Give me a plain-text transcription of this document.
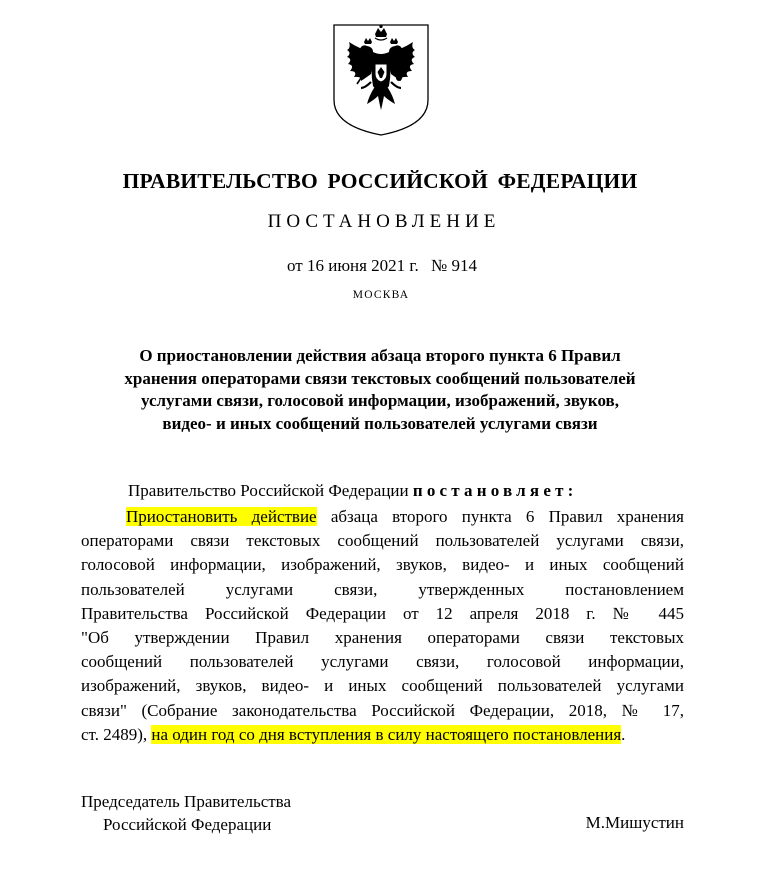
ПРАВИТЕЛЬСТВО РОССИЙСКОЙ ФЕДЕРАЦИИ
ПОСТАНОВЛЕНИЕ
от 16 июня 2021 г. № 914
МОСКВА
О приостановлении действия абзаца второго пункта 6 Правил
хранения операторами связи текстовых сообщений пользователей
услугами связи, голосовой информации, изображений, звуков,
видео- и иных сообщений пользователей услугами связи
Правительство Российской Федерации постановляет:
Приостановить действие абзаца второго пункта 6 Правил хранения
операторами связи текстовых сообщений пользователей услугами связи,
голосовой информации, изображений, звуков, видео- и иных сообщений
пользователей услугами связи, утвержденных постановлением
Правительства Российской Федерации от 12 апреля 2018 г. № 445
"Об утверждении Правил хранения операторами связи текстовых
сообщений пользователей услугами связи, голосовой информации,
изображений, звуков, видео- и иных сообщений пользователей услугами
связи" (Собрание законодательства Российской Федерации, 2018, № 17,
ст. 2489), на один год со дня вступления в силу настоящего постановления.
Председатель Правительства
Российской Федерации	М.Мишустин
